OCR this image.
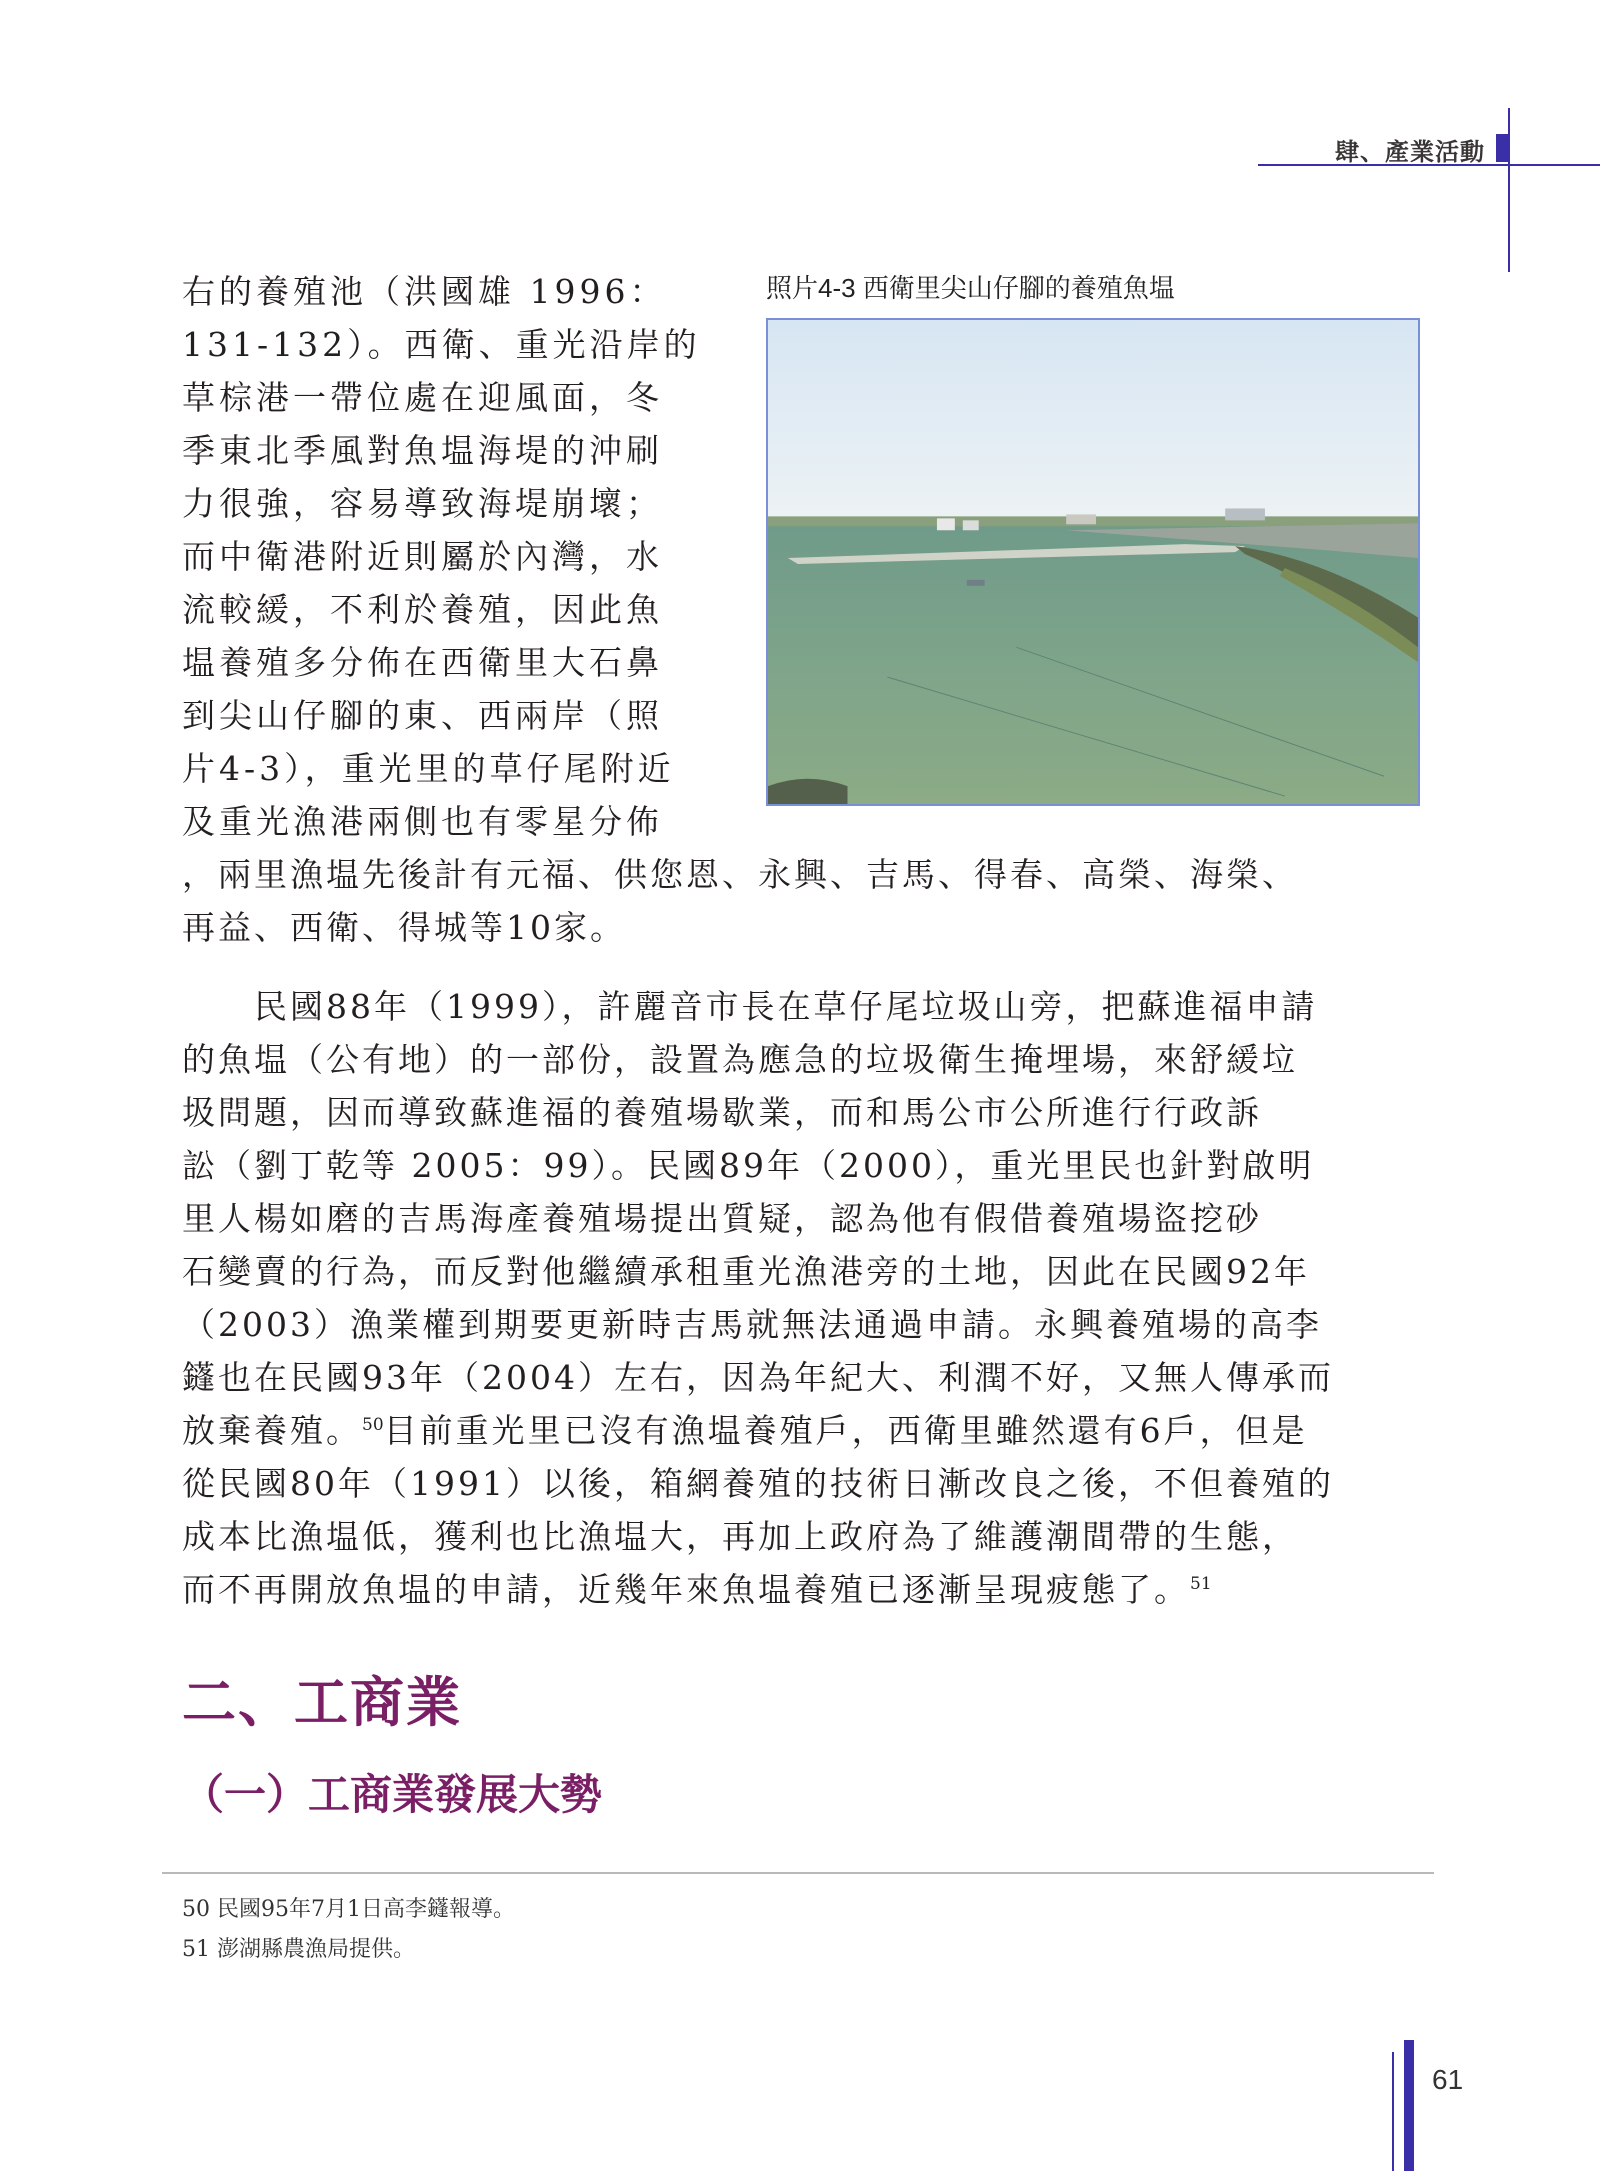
肆、產業活動
右的養殖池（洪國雄 1996：
131-132）。西衛、重光沿岸的
草棕港一帶位處在迎風面，冬
季東北季風對魚塭海堤的沖刷
力很強，容易導致海堤崩壞；
而中衛港附近則屬於內灣，水
流較緩，不利於養殖，因此魚
塭養殖多分佈在西衛里大石鼻
到尖山仔腳的東、西兩岸（照
片4-3），重光里的草仔尾附近
及重光漁港兩側也有零星分佈
照片4-3 西衛里尖山仔腳的養殖魚塭
，兩里漁塭先後計有元福、供您恩、永興、吉馬、得春、高榮、海榮、
再益、西衛、得城等10家。
　　民國88年（1999），許麗音市長在草仔尾垃圾山旁，把蘇進福申請
的魚塭（公有地）的一部份，設置為應急的垃圾衛生掩埋場，來舒緩垃
圾問題，因而導致蘇進福的養殖場歇業，而和馬公市公所進行行政訴
訟（劉丁乾等 2005：99）。民國89年（2000），重光里民也針對啟明
里人楊如磨的吉馬海產養殖場提出質疑，認為他有假借養殖場盜挖砂
石變賣的行為，而反對他繼續承租重光漁港旁的土地，因此在民國92年
（2003）漁業權到期要更新時吉馬就無法通過申請。永興養殖場的高李
鑝也在民國93年（2004）左右，因為年紀大、利潤不好，又無人傳承而
放棄養殖。$^{50}$目前重光里已沒有漁塭養殖戶，西衛里雖然還有6戶，但是
從民國80年（1991）以後，箱網養殖的技術日漸改良之後，不但養殖的
成本比漁塭低，獲利也比漁塭大，再加上政府為了維護潮間帶的生態，
而不再開放魚塭的申請，近幾年來魚塭養殖已逐漸呈現疲態了。$^{51}$
二、工商業
（一）工商業發展大勢
50 民國95年7月1日高李鑝報導。
51 澎湖縣農漁局提供。
61
